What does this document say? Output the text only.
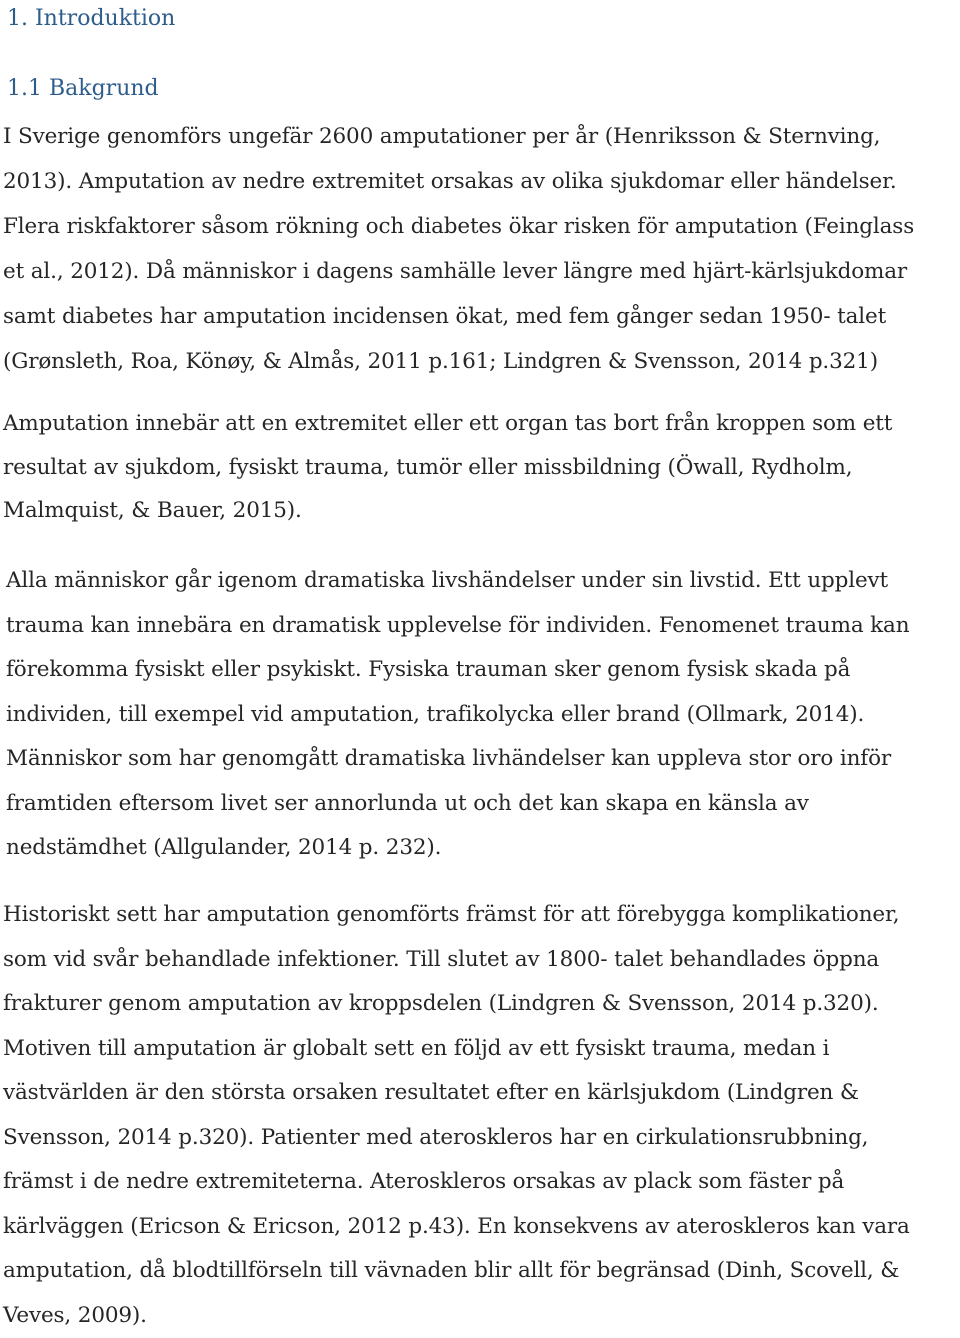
1. Introduktion
1.1 Bakgrund

I Sverige genomförs ungefär 2600 amputationer per år (Henriksson & Sternving,
2013). Amputation av nedre extremitet orsakas av olika sjukdomar eller händelser.
Flera riskfaktorer såsom rökning och diabetes ökar risken för amputation (Feinglass
et al., 2012). Då människor i dagens samhälle lever längre med hjärt-kärlsjukdomar
samt diabetes har amputation incidensen ökat, med fem gånger sedan 1950- talet
(Grønsleth, Roa, Könøy, & Almås, 2011 p.161; Lindgren & Svensson, 2014 p.321)

Amputation innebär att en extremitet eller ett organ tas bort från kroppen som ett
resultat av sjukdom, fysiskt trauma, tumör eller missbildning (Öwall, Rydholm,
Malmquist, & Bauer, 2015).

Alla människor går igenom dramatiska livshändelser under sin livstid. Ett upplevt
trauma kan innebära en dramatisk upplevelse för individen. Fenomenet trauma kan
förekomma fysiskt eller psykiskt. Fysiska trauman sker genom fysisk skada på
individen, till exempel vid amputation, trafikolycka eller brand (Ollmark, 2014).
Människor som har genomgått dramatiska livhändelser kan uppleva stor oro inför
framtiden eftersom livet ser annorlunda ut och det kan skapa en känsla av
nedstämdhet (Allgulander, 2014 p. 232).

Historiskt sett har amputation genomförts främst för att förebygga komplikationer,
som vid svår behandlade infektioner. Till slutet av 1800- talet behandlades öppna
frakturer genom amputation av kroppsdelen (Lindgren & Svensson, 2014 p.320).
Motiven till amputation är globalt sett en följd av ett fysiskt trauma, medan i
västvärlden är den största orsaken resultatet efter en kärlsjukdom (Lindgren &
Svensson, 2014 p.320). Patienter med ateroskleros har en cirkulationsrubbning,
främst i de nedre extremiteterna. Ateroskleros orsakas av plack som fäster på
kärlväggen (Ericson & Ericson, 2012 p.43). En konsekvens av ateroskleros kan vara
amputation, då blodtillförseln till vävnaden blir allt för begränsad (Dinh, Scovell, &
Veves, 2009).
